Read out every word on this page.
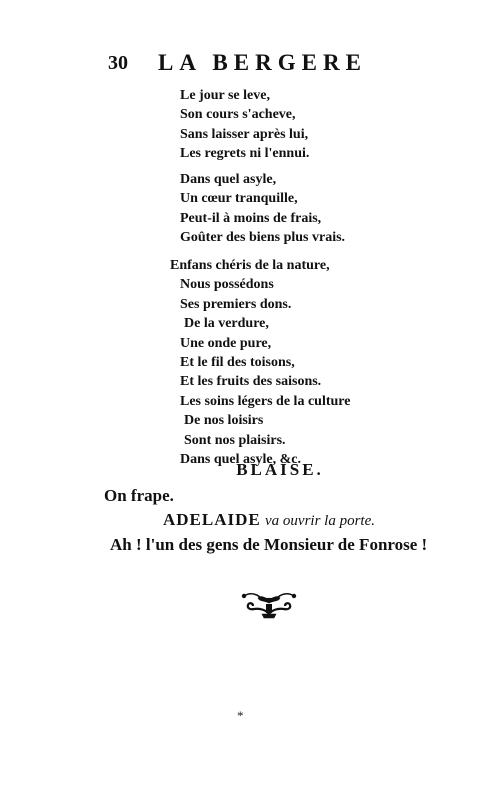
30 LA BERGERE
Le jour se leve,
Son cours s'acheve,
Sans laisser après lui,
Les regrets ni l'ennui.
Dans quel asyle,
Un cœur tranquille,
Peut-il à moins de frais,
Goûter des biens plus vrais.
Enfans chéris de la nature,
Nous possédons
Ses premiers dons.
De la verdure,
Une onde pure,
Et le fil des toisons,
Et les fruits des saisons.
Les soins légers de la culture
De nos loisirs
Sont nos plaisirs.
Dans quel asyle, &c.
BLAISE.
On frape.
ADELAIDE va ouvrir la porte.
Ah ! l'un des gens de Monsieur de Fonrose !
*
